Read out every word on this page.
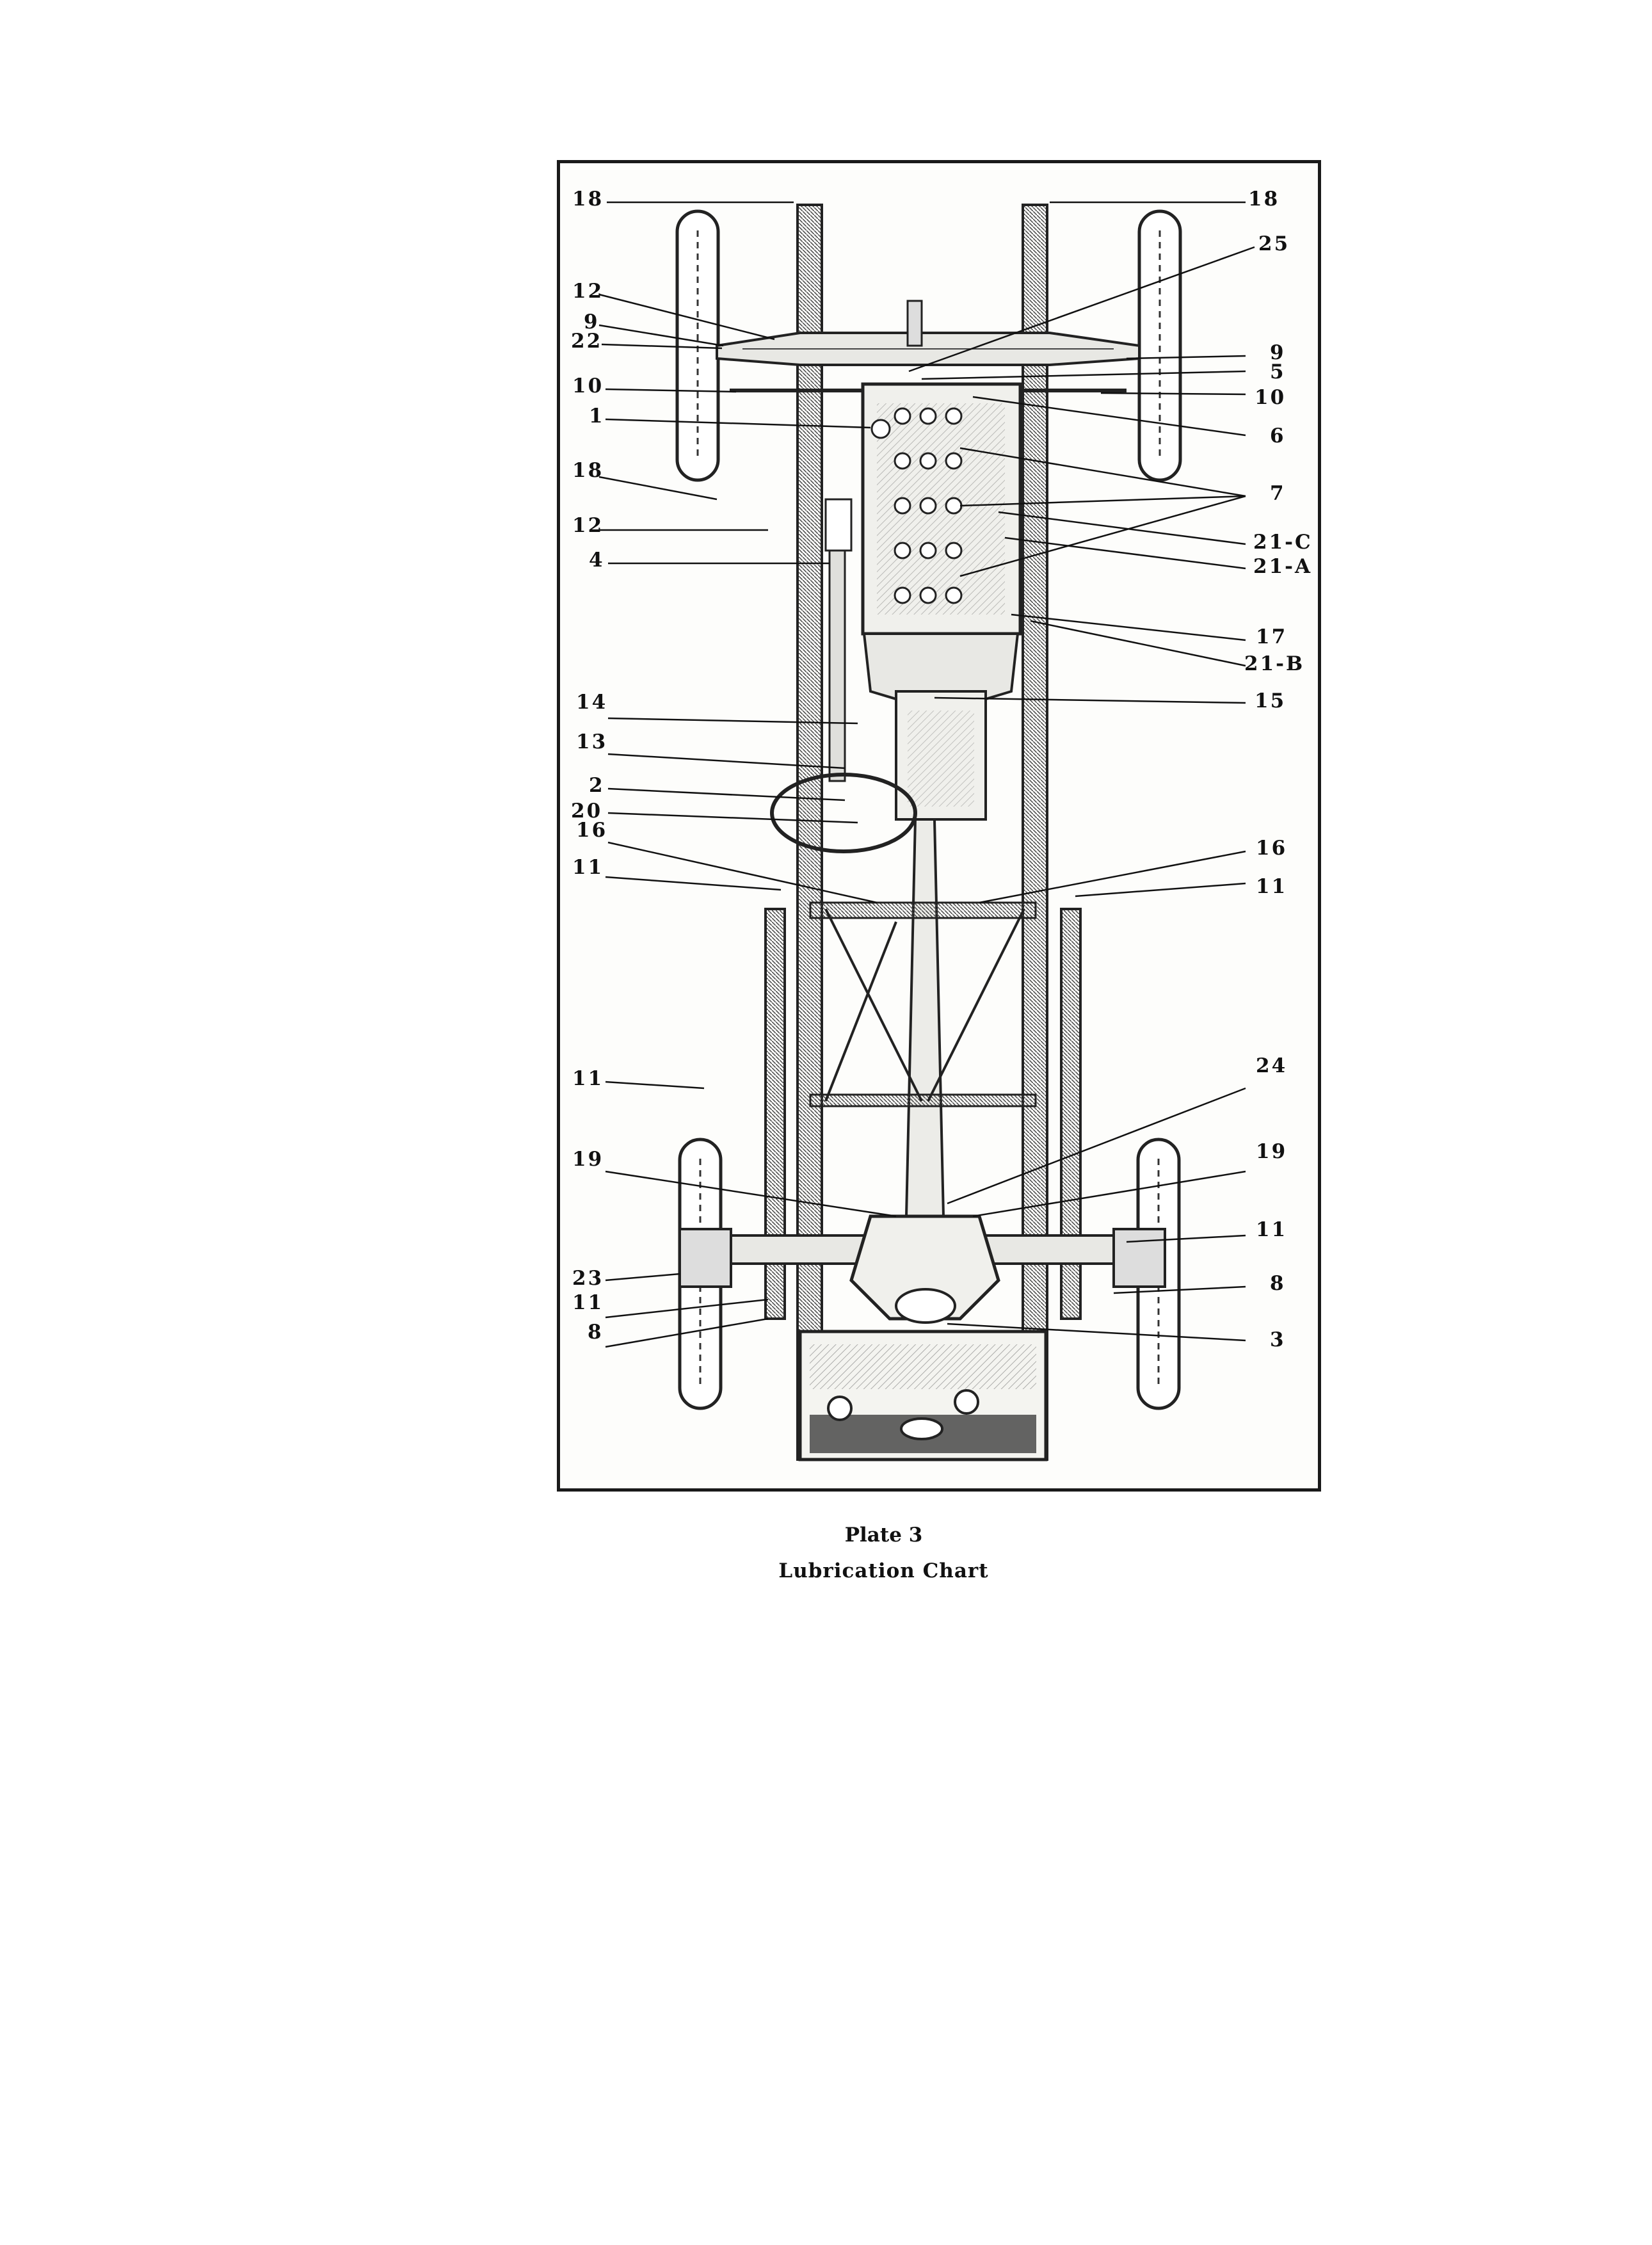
18	18
25
12
9
22	9
5
10	10
1
6
18
7
12
21-C
4	21-A
17
21-B
14	15
13
2
20
16
16
11
11
11
24
19	19
11
23	8
11
8	3
Plate 3
Lubrication Chart
